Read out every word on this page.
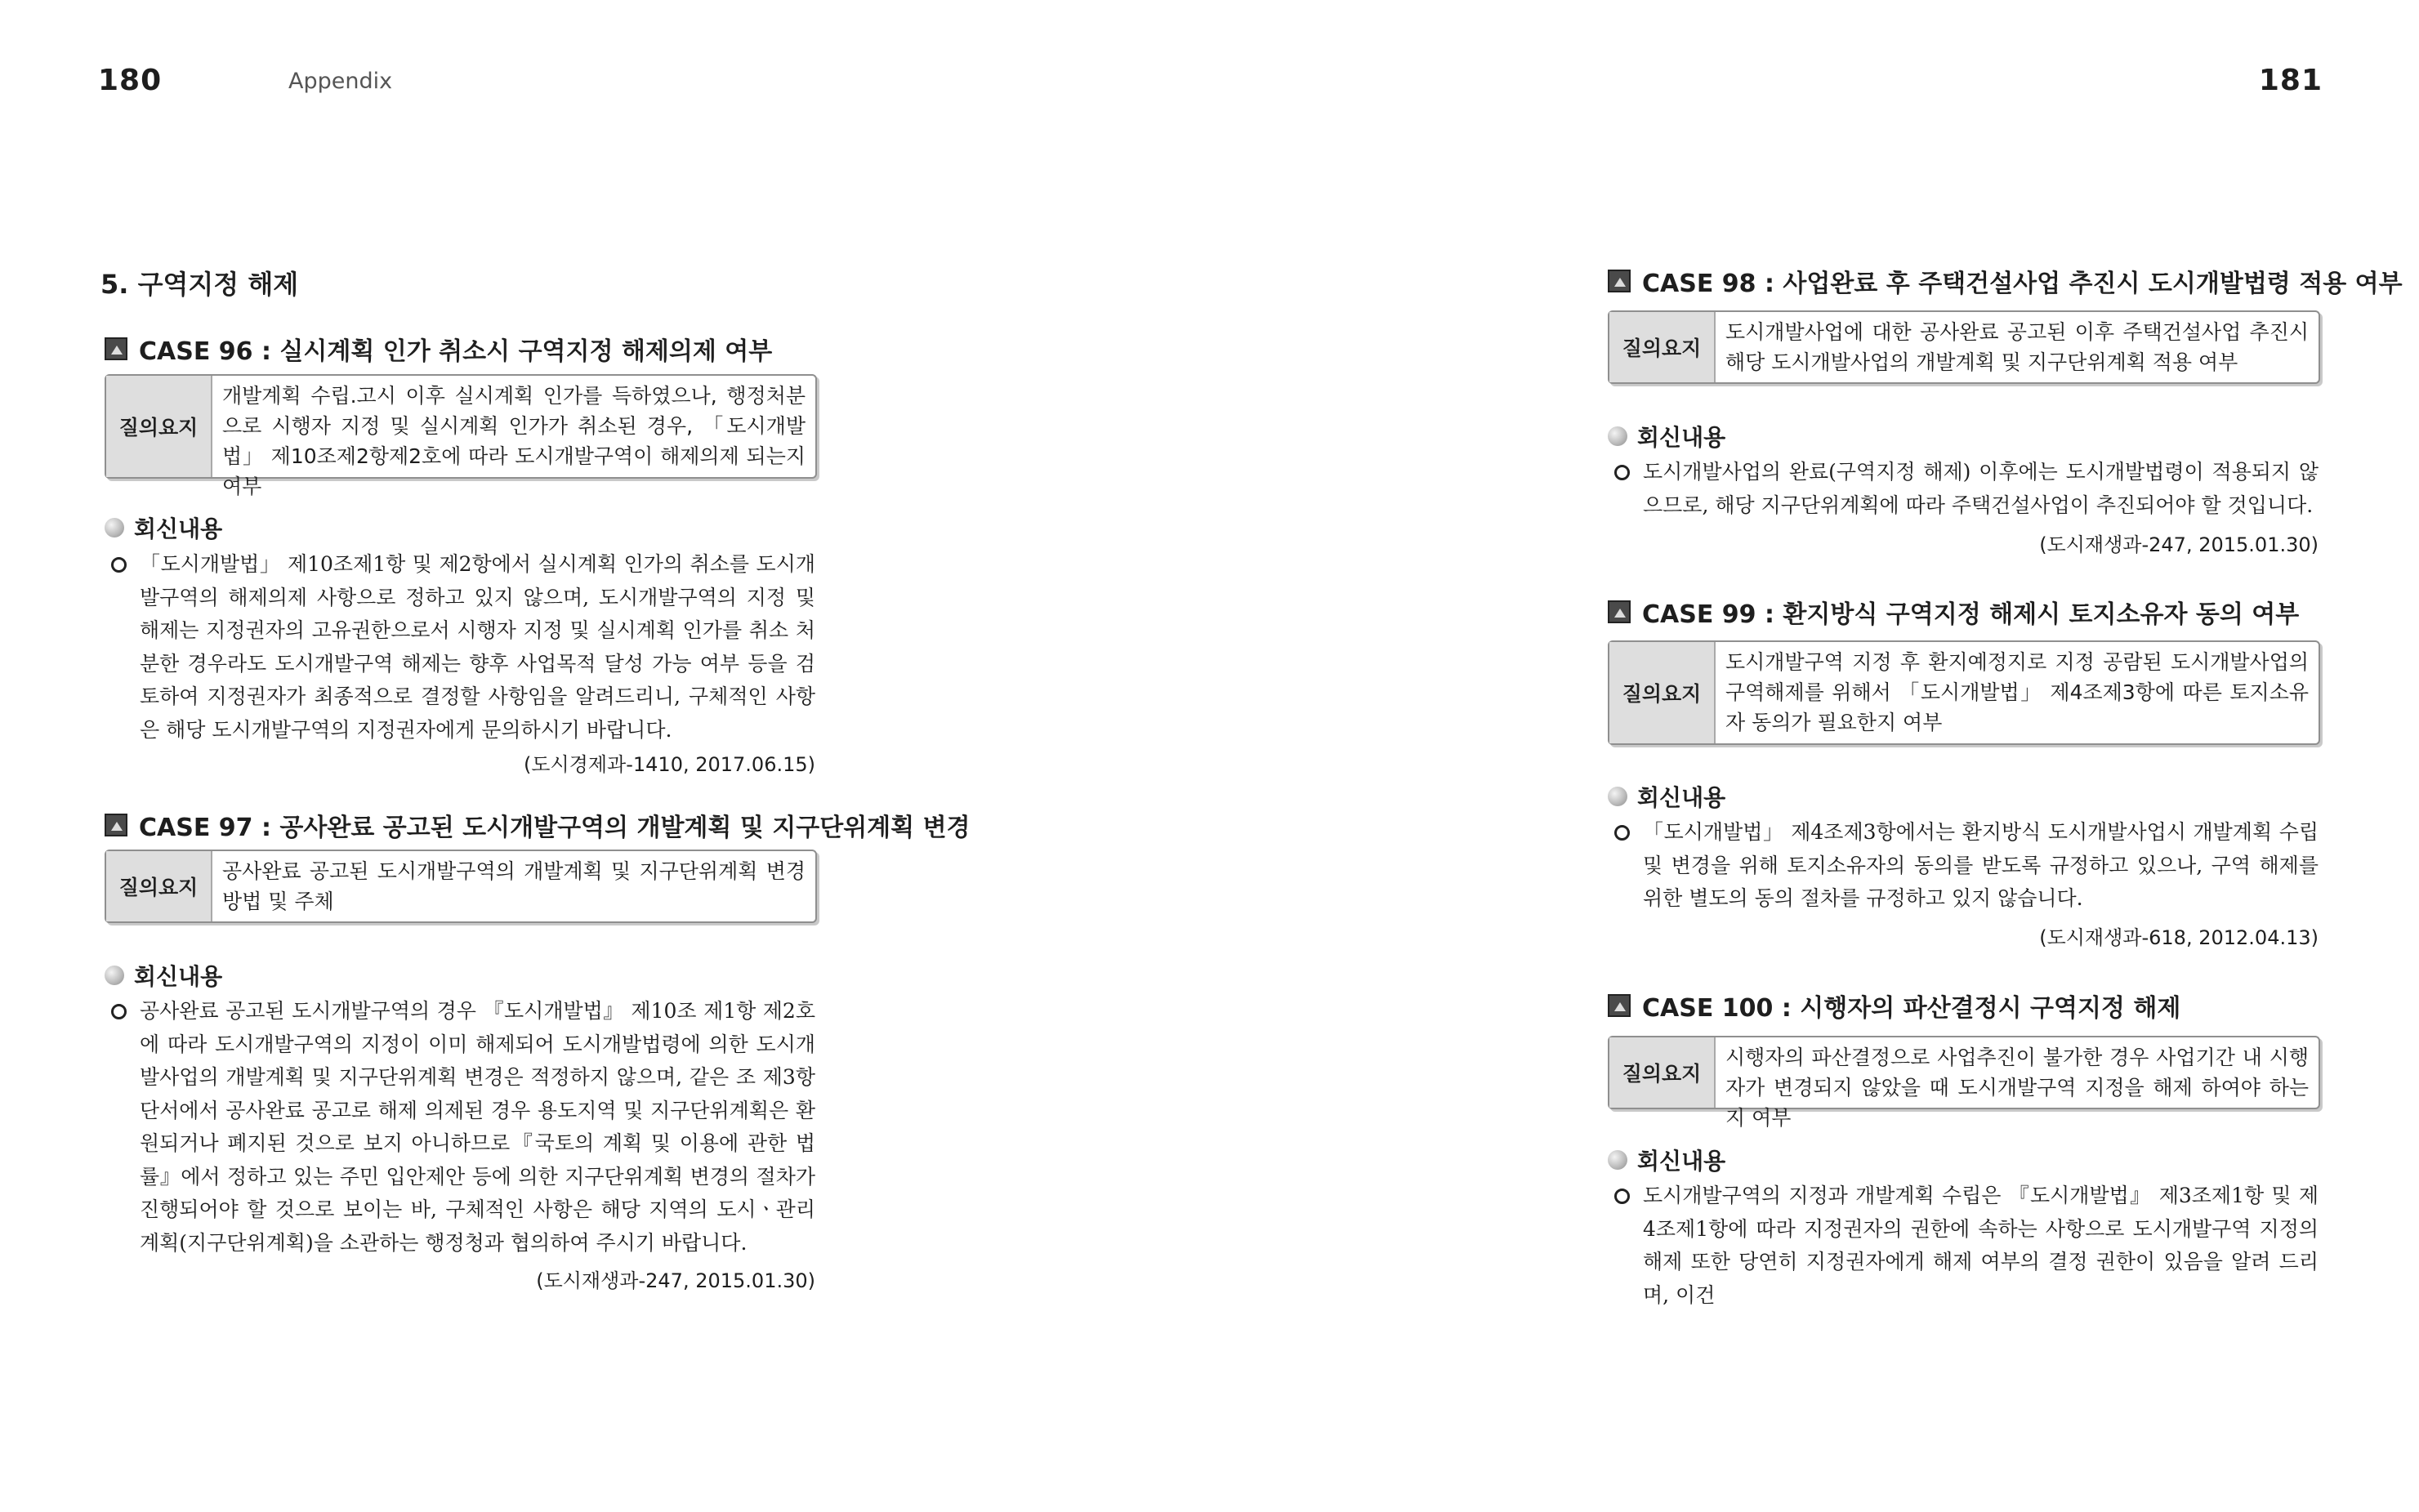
180	Appendix	181
5. 구역지정 해제
CASE 96 : 실시계획 인가 취소시 구역지정 해제의제 여부
질의요지
개발계획 수립.고시 이후 실시계획 인가를 득하였으나, 행정처분으로 시행자 지정 및 실시계획 인가가 취소된 경우, 「도시개발법」 제10조제2항제2호에 따라 도시개발구역이 해제의제 되는지 여부
회신내용
「도시개발법」 제10조제1항 및 제2항에서 실시계획 인가의 취소를 도시개발구역의 해제의제 사항으로 정하고 있지 않으며, 도시개발구역의 지정 및 해제는 지정권자의 고유권한으로서 시행자 지정 및 실시계획 인가를 취소 처분한 경우라도 도시개발구역 해제는 향후 사업목적 달성 가능 여부 등을 검토하여 지정권자가 최종적으로 결정할 사항임을 알려드리니, 구체적인 사항은 해당 도시개발구역의 지정권자에게 문의하시기 바랍니다.
(도시경제과-1410, 2017.06.15)
CASE 97 : 공사완료 공고된 도시개발구역의 개발계획 및 지구단위계획 변경
질의요지
공사완료 공고된 도시개발구역의 개발계획 및 지구단위계획 변경 방법 및 주체
회신내용
공사완료 공고된 도시개발구역의 경우 『도시개발법』 제10조 제1항 제2호에 따라 도시개발구역의 지정이 이미 해제되어 도시개발법령에 의한 도시개발사업의 개발계획 및 지구단위계획 변경은 적정하지 않으며, 같은 조 제3항 단서에서 공사완료 공고로 해제 의제된 경우 용도지역 및 지구단위계획은 환원되거나 폐지된 것으로 보지 아니하므로『국토의 계획 및 이용에 관한 법률』에서 정하고 있는 주민 입안제안 등에 의한 지구단위계획 변경의 절차가 진행되어야 할 것으로 보이는 바, 구체적인 사항은 해당 지역의 도시ㆍ관리계획(지구단위계획)을 소관하는 행정청과 협의하여 주시기 바랍니다.
(도시재생과-247, 2015.01.30)
CASE 98 : 사업완료 후 주택건설사업 추진시 도시개발법령 적용 여부
질의요지
도시개발사업에 대한 공사완료 공고된 이후 주택건설사업 추진시 해당 도시개발사업의 개발계획 및 지구단위계획 적용 여부
회신내용
도시개발사업의 완료(구역지정 해제) 이후에는 도시개발법령이 적용되지 않으므로, 해당 지구단위계획에 따라 주택건설사업이 추진되어야 할 것입니다.
(도시재생과-247, 2015.01.30)
CASE 99 : 환지방식 구역지정 해제시 토지소유자 동의 여부
질의요지
도시개발구역 지정 후 환지예정지로 지정 공람된 도시개발사업의 구역해제를 위해서 「도시개발법」 제4조제3항에 따른 토지소유자 동의가 필요한지 여부
회신내용
「도시개발법」 제4조제3항에서는 환지방식 도시개발사업시 개발계획 수립 및 변경을 위해 토지소유자의 동의를 받도록 규정하고 있으나, 구역 해제를 위한 별도의 동의 절차를 규정하고 있지 않습니다.
(도시재생과-618, 2012.04.13)
CASE 100 : 시행자의 파산결정시 구역지정 해제
질의요지
시행자의 파산결정으로 사업추진이 불가한 경우 사업기간 내 시행자가 변경되지 않았을 때 도시개발구역 지정을 해제 하여야 하는지 여부
회신내용
도시개발구역의 지정과 개발계획 수립은 『도시개발법』 제3조제1항 및 제4조제1항에 따라 지정권자의 권한에 속하는 사항으로 도시개발구역 지정의 해제 또한 당연히 지정권자에게 해제 여부의 결정 권한이 있음을 알려 드리며, 이건
